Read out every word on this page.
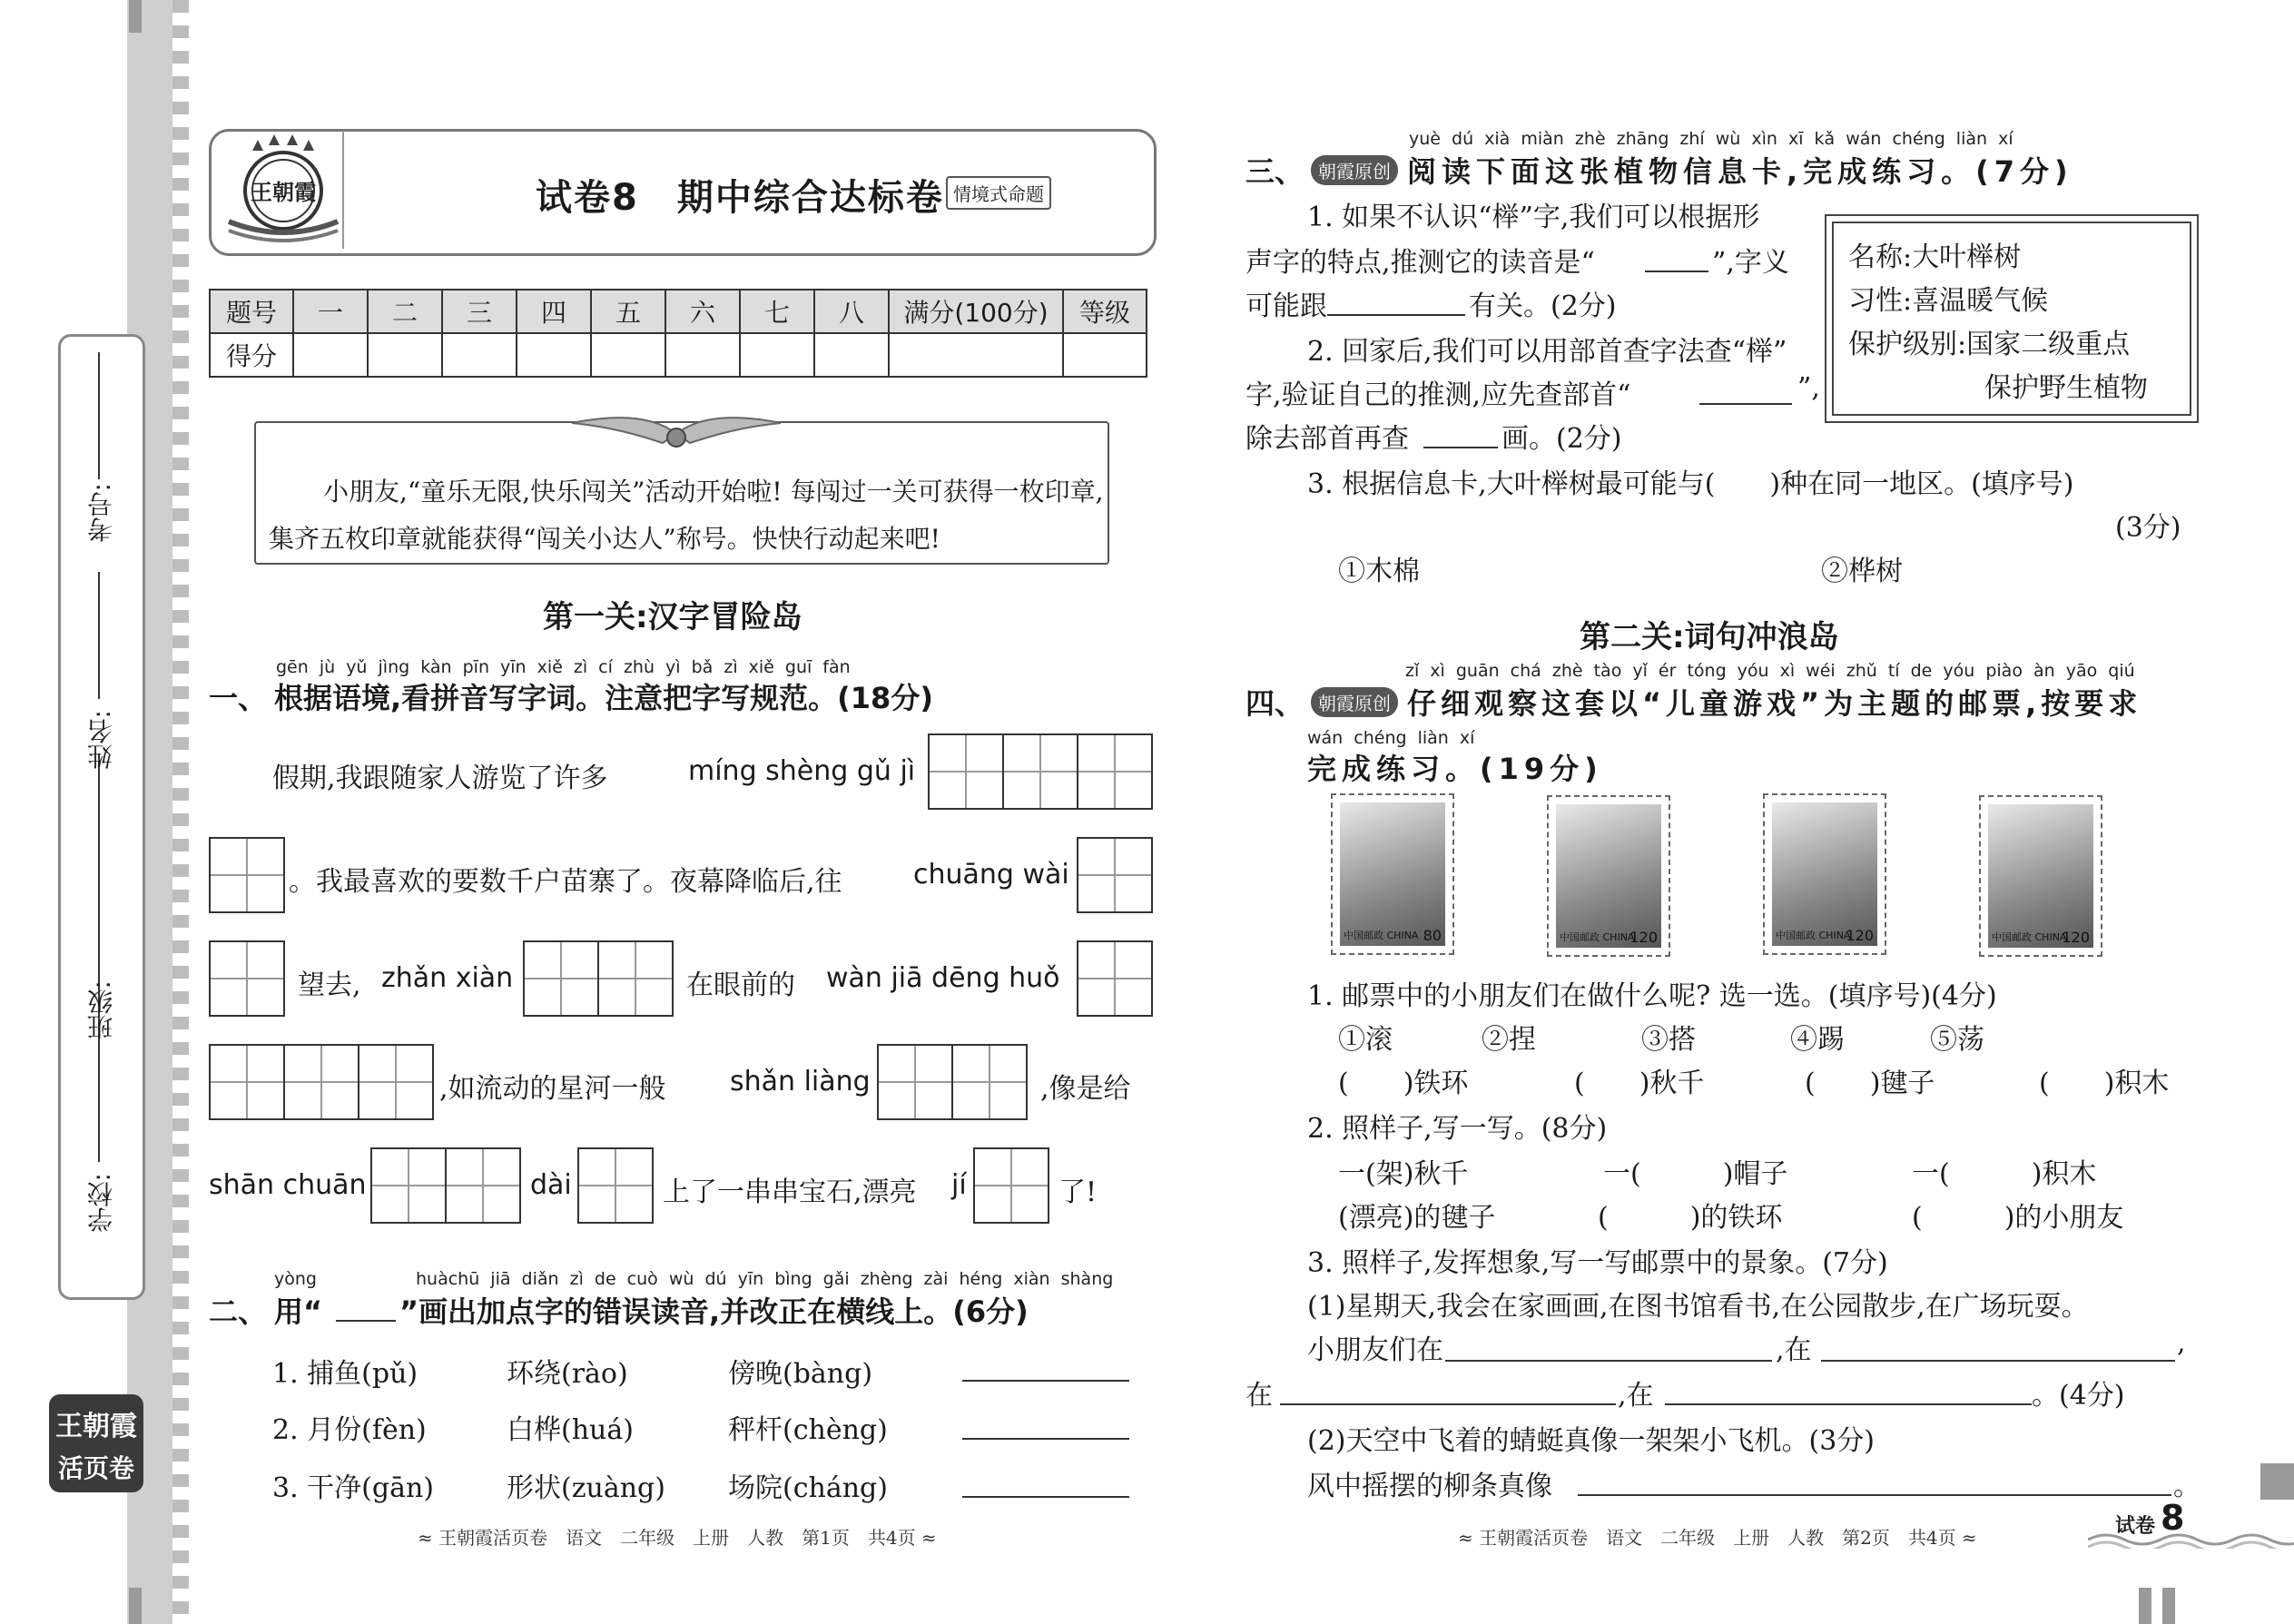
学校:
班级:
姓名:
考号:
王朝霞
活页卷
王朝霞	试卷8　期中综合达标卷 情境式命题
题号	一	二	三	四	五	六	七	八	满分(100分)	等级
得分										
小朋友,“童乐无限,快乐闯关”活动开始啦! 每闯过一关可获得一枚印章,集齐五枚印章就能获得“闯关小达人”称号。快快行动起来吧!
第一关:汉字冒险岛
gēn jù yǔ jìng kàn pīn yīn xiě zì cí zhù yì bǎ zì xiě guī fàn
一、 根据语境,看拼音写字词。注意把字写规范。(18分)
假期,我跟随家人游览了许多	míng shèng gǔ jì
。我最喜欢的要数千户苗寨了。夜幕降临后,往	chuāng wài
望去, zhǎn xiàn	在眼前的 wàn jiā dēng huǒ
,如流动的星河一般 shǎn liàng	,像是给
shān chuān	dài	上了一串串宝石,漂亮 jí	了!
yòng	huàchū jiā diǎn zì de cuò wù dú yīn bìng gǎi zhèng zài héng xiàn shàng
二、 用“	”画出加点字的错误读音,并改正在横线上。(6分)
1. 捕鱼(pǔ)	环绕(rào)	傍晚(bàng)
2. 月份(fèn)	白桦(huá)	秤杆(chèng)
3. 干净(gān)	形状(zuàng) 场院(cháng)
≈ 王朝霞活页卷　语文　二年级　上册　人教　第1页　共4页 ≈
yuè dú xià miàn zhè zhāng zhí wù xìn xī kǎ wán chéng liàn xí
三、 朝霞原创 阅读下面这张植物信息卡,完成练习。(7分)
名称:大叶榉树
习性:喜温暖气候
保护级别:国家二级重点
保护野生植物
1. 如果不认识“榉”字,我们可以根据形
声字的特点,推测它的读音是“	”,字义
可能跟	有关。(2分)
2. 回家后,我们可以用部首查字法查“榉”
字,验证自己的推测,应先查部首“	”,
除去部首再查	画。(2分)
3. 根据信息卡,大叶榉树最可能与(　　)种在同一地区。(填序号)
(3分)
①木棉	②桦树
第二关:词句冲浪岛
zǐ xì guān chá zhè tào yǐ ér tóng yóu xì wéi zhǔ tí de yóu piào àn yāo qiú
四、 朝霞原创 仔细观察这套以“儿童游戏”为主题的邮票,按要求
wán chéng liàn xí
完成练习。(19分)
中国邮政 CHINA 80	中国邮政 CHINA
120	中国邮政 CHINA
120	中国邮政 CHINA
120
1. 邮票中的小朋友们在做什么呢? 选一选。(填序号)(4分)
①滚	②捏	③搭	④踢	⑤荡
(　　)铁环	(　　)秋千	(　　)毽子	(　　)积木
2. 照样子,写一写。(8分)
一(架)秋千	一(　　　)帽子	一(　　　)积木
(漂亮)的毽子	(　　　)的铁环	(　　　)的小朋友
3. 照样子,发挥想象,写一写邮票中的景象。(7分)
(1)星期天,我会在家画画,在图书馆看书,在公园散步,在广场玩耍。
小朋友们在	,在	,
在	,在	。(4分)
(2)天空中飞着的蜻蜓真像一架架小飞机。(3分)
风中摇摆的柳条真像	。
≈ 王朝霞活页卷　语文　二年级　上册　人教　第2页　共4页 ≈	试卷 8
